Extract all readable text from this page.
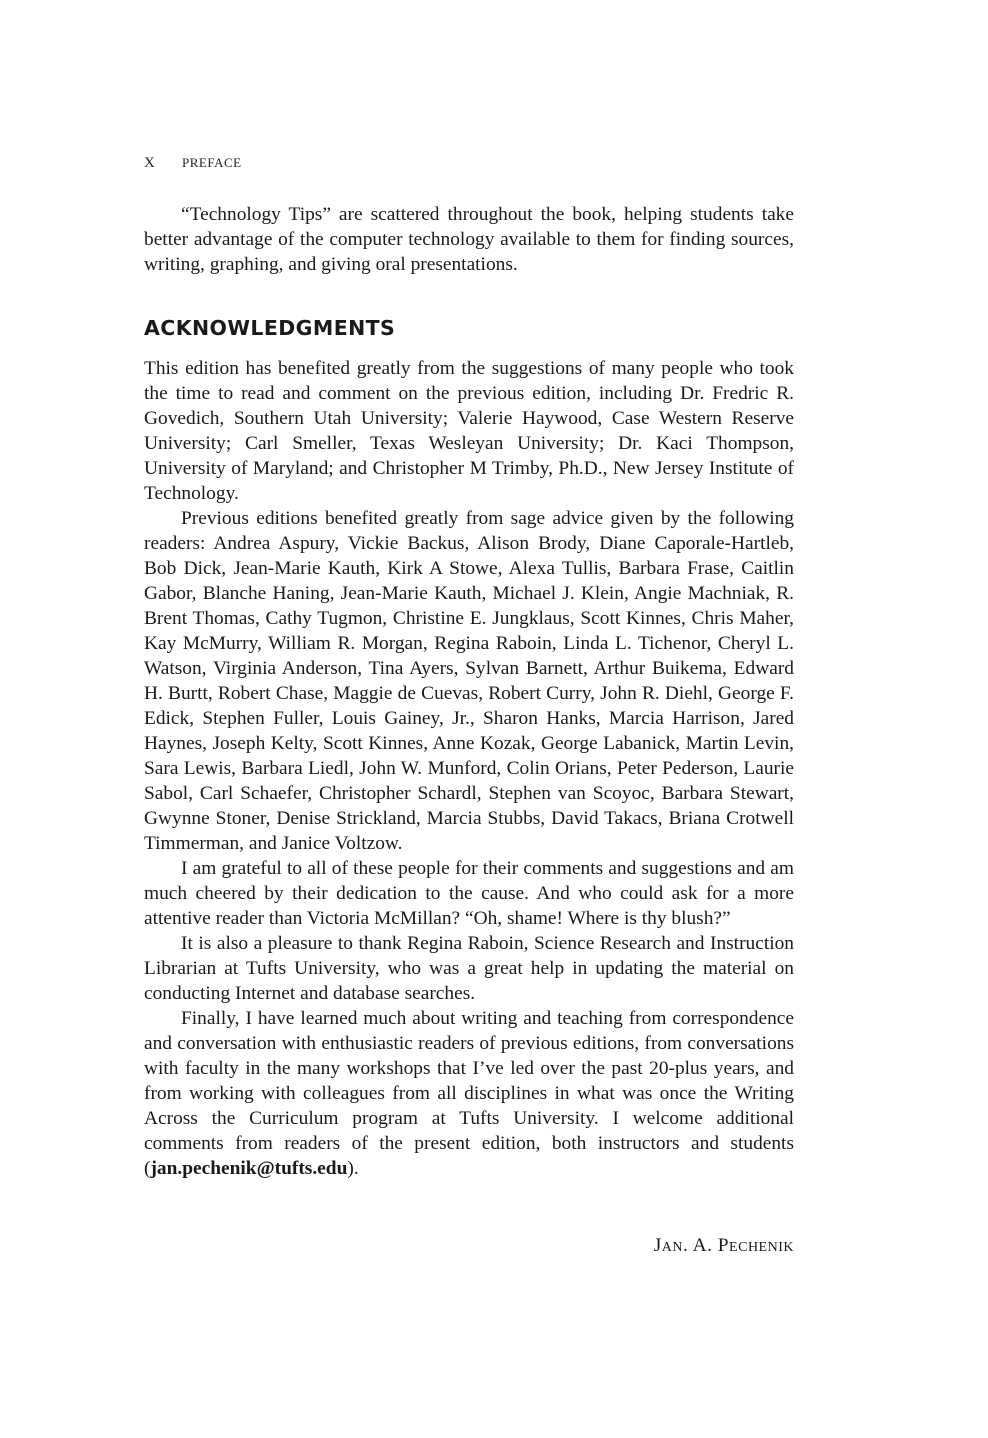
X PREFACE

“Technology Tips” are scattered throughout the book, helping students take better advantage of the computer technology available to them for finding sources, writing, graphing, and giving oral presentations.

ACKNOWLEDGMENTS

This edition has benefited greatly from the suggestions of many people who took the time to read and comment on the previous edition, including Dr. Fredric R. Govedich, Southern Utah University; Valerie Haywood, Case Western Reserve University; Carl Smeller, Texas Wesleyan University; Dr. Kaci Thompson, University of Maryland; and Christopher M Trimby, Ph.D., New Jersey Institute of Technology.

Previous editions benefited greatly from sage advice given by the following readers: Andrea Aspury, Vickie Backus, Alison Brody, Diane Caporale-Hartleb, Bob Dick, Jean-Marie Kauth, Kirk A Stowe, Alexa Tullis, Barbara Frase, Caitlin Gabor, Blanche Haning, Jean-Marie Kauth, Michael J. Klein, Angie Machniak, R. Brent Thomas, Cathy Tugmon, Christine E. Jungklaus, Scott Kinnes, Chris Maher, Kay McMurry, William R. Morgan, Regina Raboin, Linda L. Tichenor, Cheryl L. Watson, Virginia Anderson, Tina Ayers, Sylvan Barnett, Arthur Buikema, Edward H. Burtt, Robert Chase, Maggie de Cuevas, Robert Curry, John R. Diehl, George F. Edick, Stephen Fuller, Louis Gainey, Jr., Sharon Hanks, Marcia Harrison, Jared Haynes, Joseph Kelty, Scott Kinnes, Anne Kozak, George Labanick, Martin Levin, Sara Lewis, Barbara Liedl, John W. Munford, Colin Orians, Peter Pederson, Laurie Sabol, Carl Schaefer, Christopher Schardl, Stephen van Scoyoc, Barbara Stewart, Gwynne Stoner, Denise Strickland, Marcia Stubbs, David Takacs, Briana Crotwell Timmerman, and Janice Voltzow.

I am grateful to all of these people for their comments and suggestions and am much cheered by their dedication to the cause. And who could ask for a more attentive reader than Victoria McMillan? “Oh, shame! Where is thy blush?”

It is also a pleasure to thank Regina Raboin, Science Research and Instruction Librarian at Tufts University, who was a great help in updating the material on conducting Internet and database searches.

Finally, I have learned much about writing and teaching from correspondence and conversation with enthusiastic readers of previous editions, from conversations with faculty in the many workshops that I’ve led over the past 20-plus years, and from working with colleagues from all disciplines in what was once the Writing Across the Curriculum program at Tufts University. I welcome additional comments from readers of the present edition, both instructors and students (jan.pechenik@tufts.edu).

Jan. A. Pechenik
